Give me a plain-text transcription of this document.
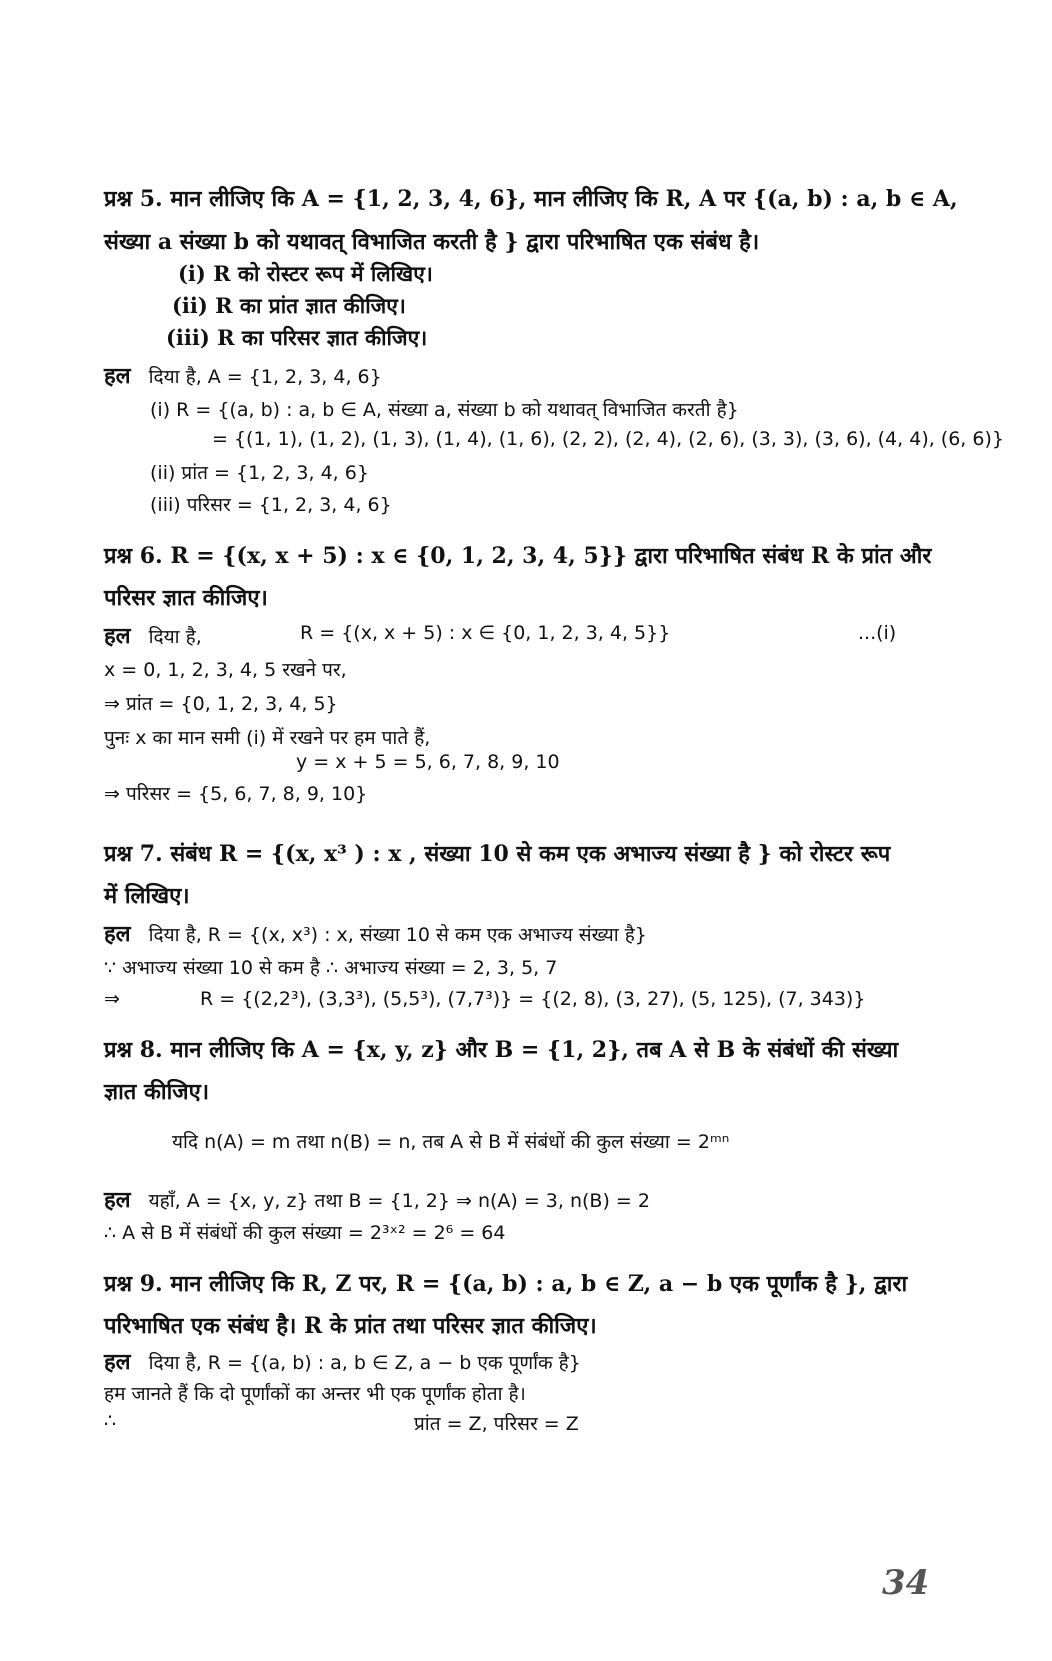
प्रश्न 5. मान लीजिए कि A = {1, 2, 3, 4, 6}, मान लीजिए कि R, A पर {(a, b) : a, b ∈ A,
संख्या a संख्या b को यथावत् विभाजित करती है } द्वारा परिभाषित एक संबंध है।
(i) R को रोस्टर रूप में लिखिए।
(ii) R का प्रांत ज्ञात कीजिए।
(iii) R का परिसर ज्ञात कीजिए।
हल दिया है, A = {1, 2, 3, 4, 6}
(i) R = {(a, b) : a, b ∈ A, संख्या a, संख्या b को यथावत् विभाजित करती है}
= {(1, 1), (1, 2), (1, 3), (1, 4), (1, 6), (2, 2), (2, 4), (2, 6), (3, 3), (3, 6), (4, 4), (6, 6)}
(ii) प्रांत = {1, 2, 3, 4, 6}
(iii) परिसर = {1, 2, 3, 4, 6}
प्रश्न 6. R = {(x, x + 5) : x ∈ {0, 1, 2, 3, 4, 5}} द्वारा परिभाषित संबंध R के प्रांत और
परिसर ज्ञात कीजिए।
हल दिया है,	R = {(x, x + 5) : x ∈ {0, 1, 2, 3, 4, 5}}	...(i)
x = 0, 1, 2, 3, 4, 5 रखने पर,
⇒ प्रांत = {0, 1, 2, 3, 4, 5}
पुनः x का मान समी (i) में रखने पर हम पाते हैं,
y = x + 5 = 5, 6, 7, 8, 9, 10
⇒ परिसर = {5, 6, 7, 8, 9, 10}
प्रश्न 7. संबंध R = {(x, x³ ) : x , संख्या 10 से कम एक अभाज्य संख्या है } को रोस्टर रूप
में लिखिए।
हल दिया है, R = {(x, x³) : x, संख्या 10 से कम एक अभाज्य संख्या है}
∵ अभाज्य संख्या 10 से कम है ∴ अभाज्य संख्या = 2, 3, 5, 7
⇒	R = {(2,2³), (3,3³), (5,5³), (7,7³)} = {(2, 8), (3, 27), (5, 125), (7, 343)}
प्रश्न 8. मान लीजिए कि A = {x, y, z} और B = {1, 2}, तब A से B के संबंधों की संख्या
ज्ञात कीजिए।
यदि n(A) = m तथा n(B) = n, तब A से B में संबंधों की कुल संख्या = 2ᵐⁿ
हल यहाँ, A = {x, y, z} तथा B = {1, 2} ⇒ n(A) = 3, n(B) = 2
∴ A से B में संबंधों की कुल संख्या = 2³ˣ² = 2⁶ = 64
प्रश्न 9. मान लीजिए कि R, Z पर, R = {(a, b) : a, b ∈ Z, a − b एक पूर्णांक है }, द्वारा
परिभाषित एक संबंध है। R के प्रांत तथा परिसर ज्ञात कीजिए।
हल दिया है, R = {(a, b) : a, b ∈ Z, a − b एक पूर्णांक है}
हम जानते हैं कि दो पूर्णांकों का अन्तर भी एक पूर्णांक होता है।
∴	प्रांत = Z, परिसर = Z
34
